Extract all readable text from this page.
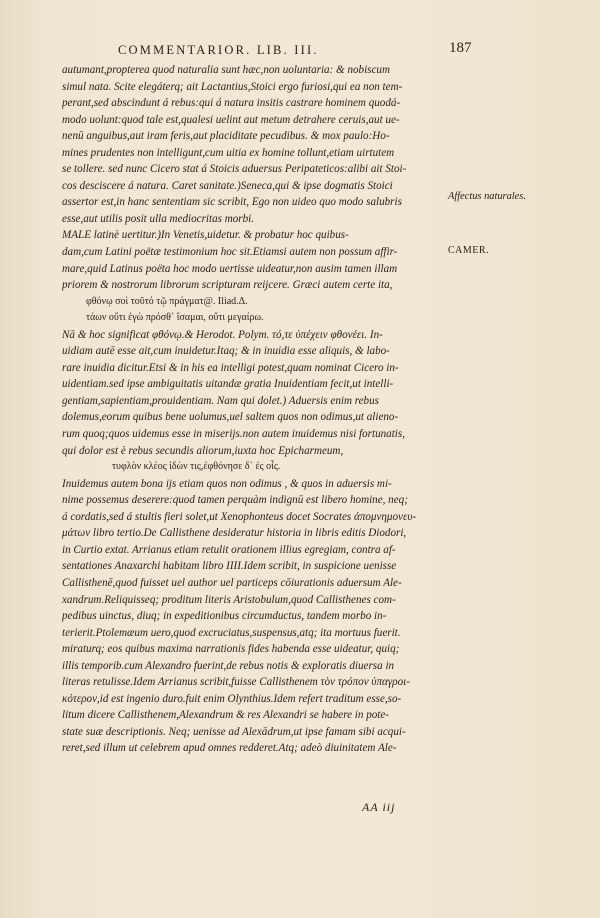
COMMENTARIOR. LIB. III.	187
autumant,propterea quod naturalia sunt hæc,non uoluntaria: & nobiscum
simul nata. Scite elegáterq; ait Lactantius,Stoici ergo furiosi,qui ea non tem-
perant,sed abscindunt á rebus:qui á natura insitis castrare hominem quodá-
modo uolunt:quod tale est,qualesi uelint aut metum detrahere ceruis,aut ue-
nenū anguibus,aut iram feris,aut placiditate pecudibus. & mox paulo:Ho-
mines prudentes non intelligunt,cum uitia ex homine tollunt,etiam uirtutem
se tollere. sed nunc Cicero stat á Stoicis aduersus Peripateticos:alibi ait Stoi-
cos desciscere á natura. Caret sanitate.)Seneca,qui & ipse dogmatis Stoici
assertor est,in hanc sententiam sic scribit, Ego non uideo quo modo salubris
esse,aut utilis posit ulla mediocritas morbi.
MALE latinè uertitur.)In Venetis,uidetur. & probatur hoc quibus-
dam,cum Latini poëtæ testimonium hoc sit.Etiamsi autem non possum affir-
mare,quid Latinus poëta hoc modo uertisse uideatur,non ausim tamen illam
priorem & nostrorum librorum scripturam reijcere. Græci autem certe ita,
φθόνῳ σοὶ τοῦτό τῷ πράγματ@. Iliad.Δ.
τάων οὔτι ἐγὼ πρόσθ᾽ ἵσαμαι, οὔτι μεγαίρω.
Nā & hoc significat φθόνῳ.& Herodot. Polym. τό,τε ὑπέχειν φθονέει. In-
uidiam autē esse ait,cum inuidetur.Itaq; & in inuidia esse aliquis, & labo-
rare inuidia dicitur.Etsi & in his ea intelligi potest,quam nominat Cicero in-
uidentiam.sed ipse ambiguitatis uitandæ gratia Inuidentiam fecit,ut intelli-
gentiam,sapientiam,prouidentiam. Nam qui dolet.) Aduersis enim rebus
dolemus,eorum quibus bene uolumus,uel saltem quos non odimus,ut alieno-
rum quoq;quos uidemus esse in miserijs.non autem inuidemus nisi fortunatis,
qui dolor est è rebus secundis aliorum,iuxta hoc Epicharmeum,
τυφλὸν κλέος ἰδὼν τις,ἐφθόνησε δ᾽ ἐς οἷς.
Inuidemus autem bona ijs etiam quos non odimus , & quos in aduersis mi-
nime possemus deserere:quod tamen perquàm indignū est libero homine, neq;
á cordatis,sed á stultis fieri solet,ut Xenophonteus docet Socrates ἀπομνημονευ-
μάτων libro tertio.De Callisthene desideratur historia in libris editis Diodori,
in Curtio extat. Arrianus etiam retulit orationem illius egregiam, contra af-
sentationes Anaxarchi habitam libro IIII.Idem scribit, in suspicione uenisse
Callisthenē,quod fuisset uel author uel particeps cōiurationis aduersum Ale-
xandrum.Reliquisseq; proditum literis Aristobulum,quod Callisthenes com-
pedibus uinctus, diuq; in expeditionibus circumductus, tandem morbo in-
terierit.Ptolemæum uero,quod excruciatus,suspensus,atq; ita mortuus fuerit.
miraturq; eos quibus maxima narrationis fides habenda esse uideatur, quiq;
illis temporib.cum Alexandro fuerint,de rebus notis & exploratis diuersa in
literas retulisse.Idem Arrianus scribit,fuisse Callisthenem τὸν τρόπον ὑπαγροι-
κότερον,id est ingenio duro.fuit enim Olynthius.Idem refert traditum esse,so-
litum dicere Callisthenem,Alexandrum & res Alexandri se habere in pote-
state suæ descriptionis. Neq; uenisse ad Alexādrum,ut ipse famam sibi acqui-
reret,sed illum ut celebrem apud omnes redderet.Atq; adeò diuinitatem Ale-
Affectus naturales.
CAMER.
AA iij
